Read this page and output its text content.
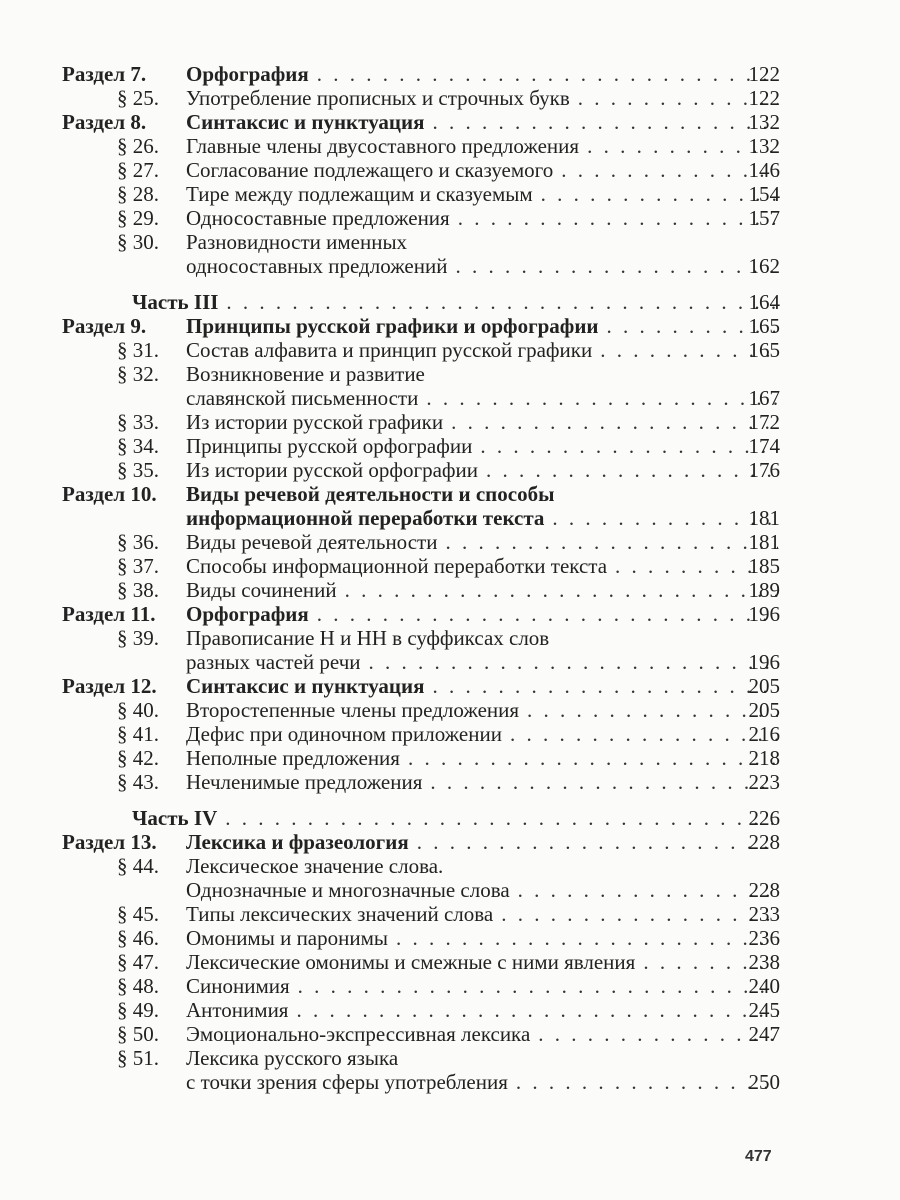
Раздел 7. Орфография . . .	122
§ 25. Употребление прописных и строчных букв . . .	122
Раздел 8. Синтаксис и пунктуация . . .	132
§ 26. Главные члены двусоставного предложения . . .	132
§ 27. Согласование подлежащего и сказуемого . . .	146
§ 28. Тире между подлежащим и сказуемым . . .	154
§ 29. Односоставные предложения . . .	157
§ 30. Разновидности именных
односоставных предложений . . .	162
Часть III . . .	164
Раздел 9. Принципы русской графики и орфографии . . .	165
§ 31. Состав алфавита и принцип русской графики . . .	165
§ 32. Возникновение и развитие
славянской письменности . . .	167
§ 33. Из истории русской графики . . .	172
§ 34. Принципы русской орфографии . . .	174
§ 35. Из истории русской орфографии . . .	176
Раздел 10. Виды речевой деятельности и способы
информационной переработки текста . . .	181
§ 36. Виды речевой деятельности . . .	181
§ 37. Способы информационной переработки текста . . .	185
§ 38. Виды сочинений . . .	189
Раздел 11. Орфография . . .	196
§ 39. Правописание Н и НН в суффиксах слов
разных частей речи . . .	196
Раздел 12. Синтаксис и пунктуация . . .	205
§ 40. Второстепенные члены предложения . . .	205
§ 41. Дефис при одиночном приложении . . .	216
§ 42. Неполные предложения . . .	218
§ 43. Нечленимые предложения . . .	223
Часть IV . . .	226
Раздел 13. Лексика и фразеология . . .	228
§ 44. Лексическое значение слова.
Однозначные и многозначные слова . . .	228
§ 45. Типы лексических значений слова . . .	233
§ 46. Омонимы и паронимы . . .	236
§ 47. Лексические омонимы и смежные с ними явления . . .	238
§ 48. Синонимия . . .	240
§ 49. Антонимия . . .	245
§ 50. Эмоционально-экспрессивная лексика . . .	247
§ 51. Лексика русского языка
с точки зрения сферы употребления . . .	250
477
